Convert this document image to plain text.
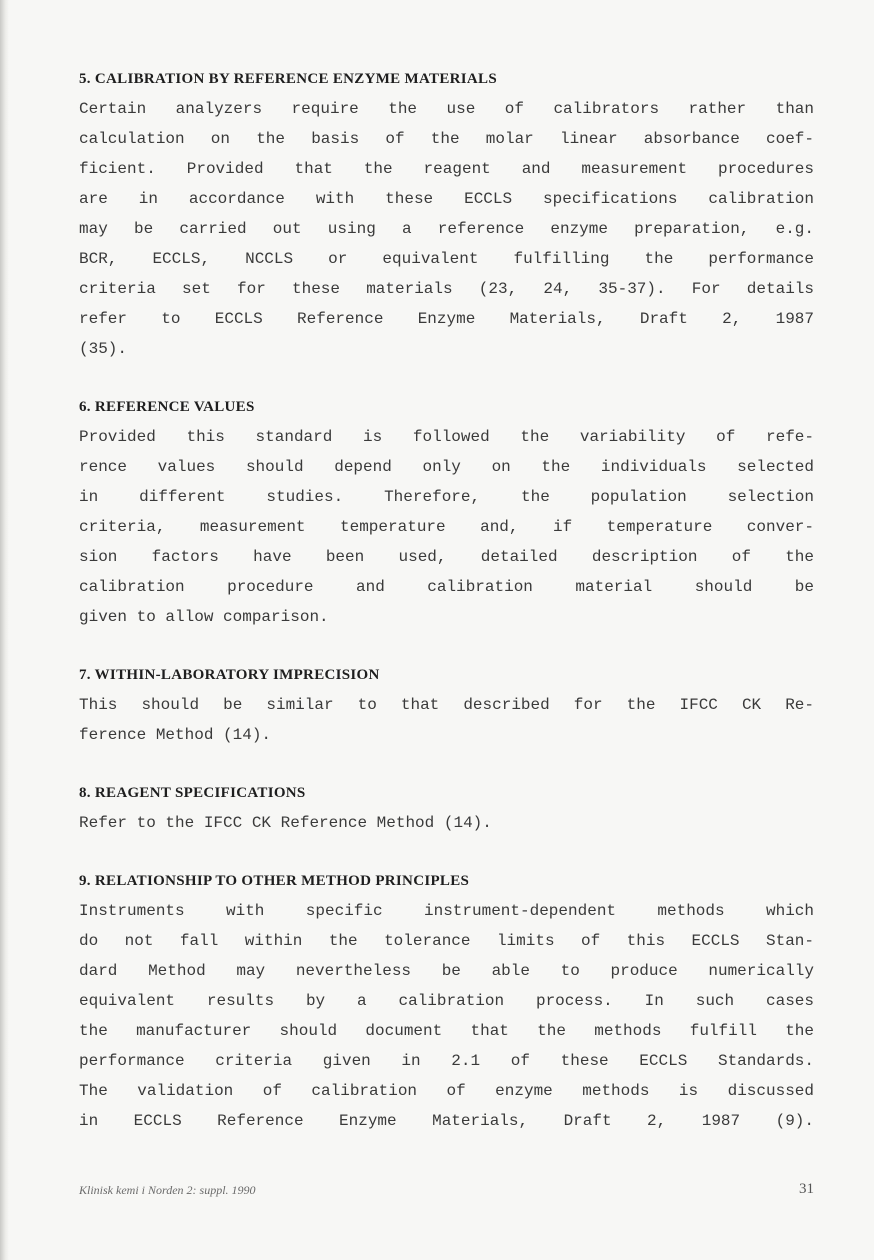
5. CALIBRATION BY REFERENCE ENZYME MATERIALS

Certain analyzers require the use of calibrators rather than
calculation on the basis of the molar linear absorbance coef-
ficient. Provided that the reagent and measurement procedures
are in accordance with these ECCLS specifications calibration
may be carried out using a reference enzyme preparation, e.g.
BCR, ECCLS, NCCLS or equivalent fulfilling the performance
criteria set for these materials (23, 24, 35-37). For details
refer to ECCLS Reference Enzyme Materials, Draft 2, 1987
(35).

6. REFERENCE VALUES

Provided this standard is followed the variability of refe-
rence values should depend only on the individuals selected
in different studies. Therefore, the population selection
criteria, measurement temperature and, if temperature conver-
sion factors have been used, detailed description of the
calibration procedure and calibration material should be
given to allow comparison.

7. WITHIN-LABORATORY IMPRECISION

This should be similar to that described for the IFCC CK Re-
ference Method (14).

8. REAGENT SPECIFICATIONS

Refer to the IFCC CK Reference Method (14).

9. RELATIONSHIP TO OTHER METHOD PRINCIPLES

Instruments with specific instrument-dependent methods which
do not fall within the tolerance limits of this ECCLS Stan-
dard Method may nevertheless be able to produce numerically
equivalent results by a calibration process. In such cases
the manufacturer should document that the methods fulfill the
performance criteria given in 2.1 of these ECCLS Standards.
The validation of calibration of enzyme methods is discussed
in ECCLS Reference Enzyme Materials, Draft 2, 1987 (9).

Klinisk kemi i Norden 2: suppl. 1990	31
